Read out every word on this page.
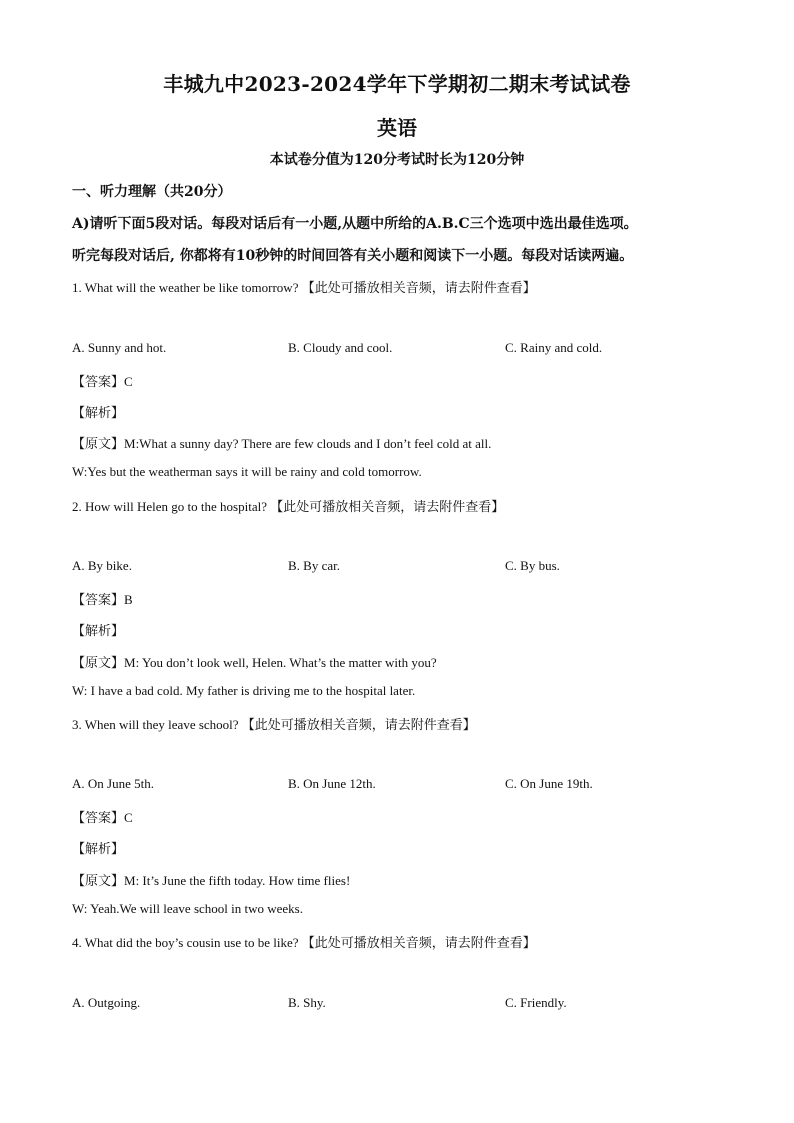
丰城九中2023-2024学年下学期初二期末考试试卷
英语
本试卷分值为120分考试时长为120分钟
一、听力理解（共20分）
A)请听下面5段对话。每段对话后有一小题,从题中所给的A.B.C三个选项中选出最佳选项。
听完每段对话后, 你都将有10秒钟的时间回答有关小题和阅读下一小题。每段对话读两遍。
1. What will the weather be like tomorrow? 【此处可播放相关音频，请去附件查看】
A. Sunny and hot.	B. Cloudy and cool.	C. Rainy and cold.
【答案】C
【解析】
【原文】M:What a sunny day? There are few clouds and I don’t feel cold at all.
W:Yes but the weatherman says it will be rainy and cold tomorrow.
2. How will Helen go to the hospital? 【此处可播放相关音频，请去附件查看】
A. By bike.	B. By car.	C. By bus.
【答案】B
【解析】
【原文】M: You don’t look well, Helen. What’s the matter with you?
W: I have a bad cold. My father is driving me to the hospital later.
3. When will they leave school? 【此处可播放相关音频，请去附件查看】
A. On June 5th.	B. On June 12th.	C. On June 19th.
【答案】C
【解析】
【原文】M: It’s June the fifth today. How time flies!
W: Yeah.We will leave school in two weeks.
4. What did the boy’s cousin use to be like? 【此处可播放相关音频，请去附件查看】
A. Outgoing.	B. Shy.	C. Friendly.
